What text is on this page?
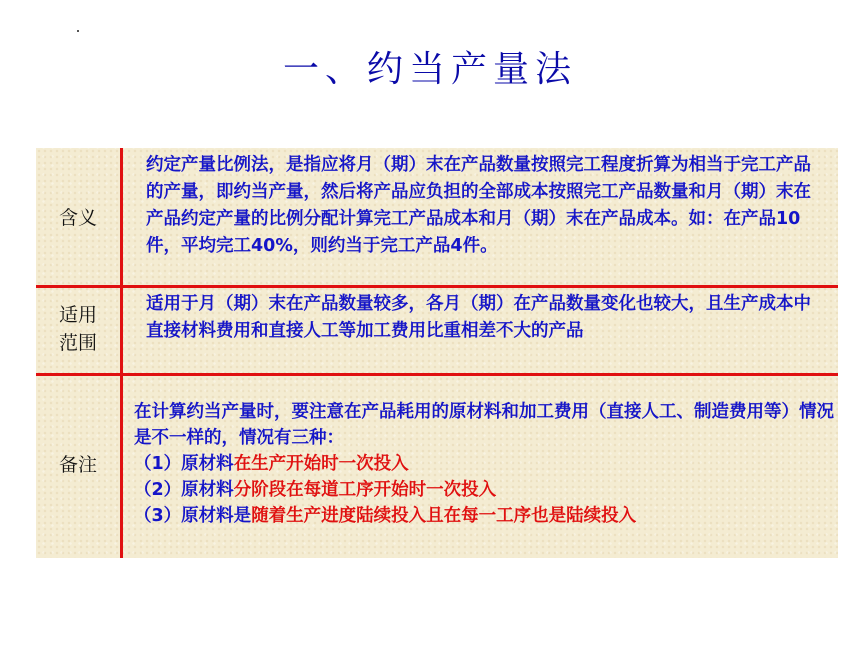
一、约当产量法
含义
适用
范围
备注
约定产量比例法，是指应将月（期）末在产品数量按照完工程度折算为相当于完工产品的产量，即约当产量，然后将产品应负担的全部成本按照完工产品数量和月（期）末在产品约定产量的比例分配计算完工产品成本和月（期）末在产品成本。如：在产品10件，平均完工40%，则约当于完工产品4件。
适用于月（期）末在产品数量较多，各月（期）在产品数量变化也较大，且生产成本中直接材料费用和直接人工等加工费用比重相差不大的产品
在计算约当产量时，要注意在产品耗用的原材料和加工费用（直接人工、制造费用等）情况是不一样的，情况有三种：
（1）原材料在生产开始时一次投入
（2）原材料分阶段在每道工序开始时一次投入
（3）原材料是随着生产进度陆续投入且在每一工序也是陆续投入
